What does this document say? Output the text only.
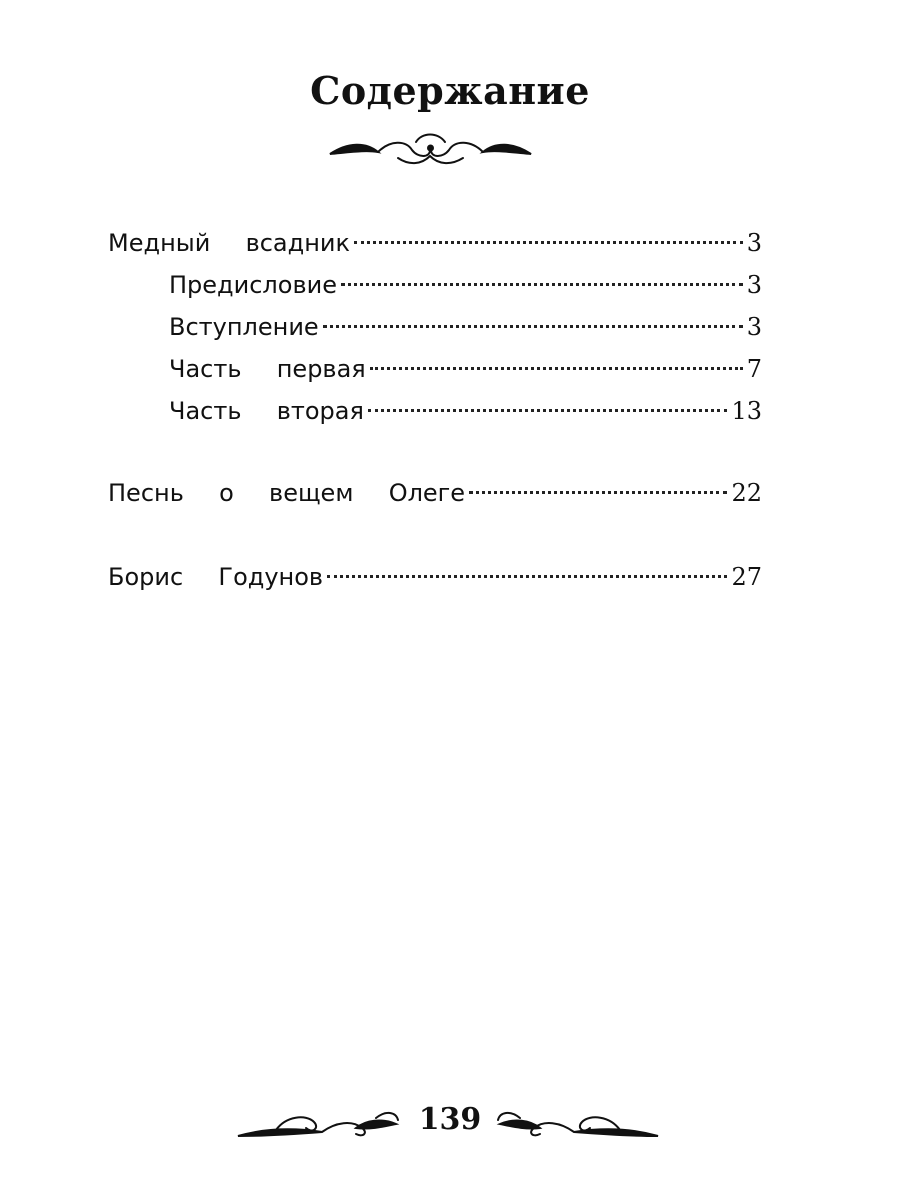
Содержание
Медный  всадник	3
Предисловие	3
Вступление	3
Часть  первая	7
Часть  вторая	13
Песнь  о  вещем  Олеге	22
Борис  Годунов	27
139
